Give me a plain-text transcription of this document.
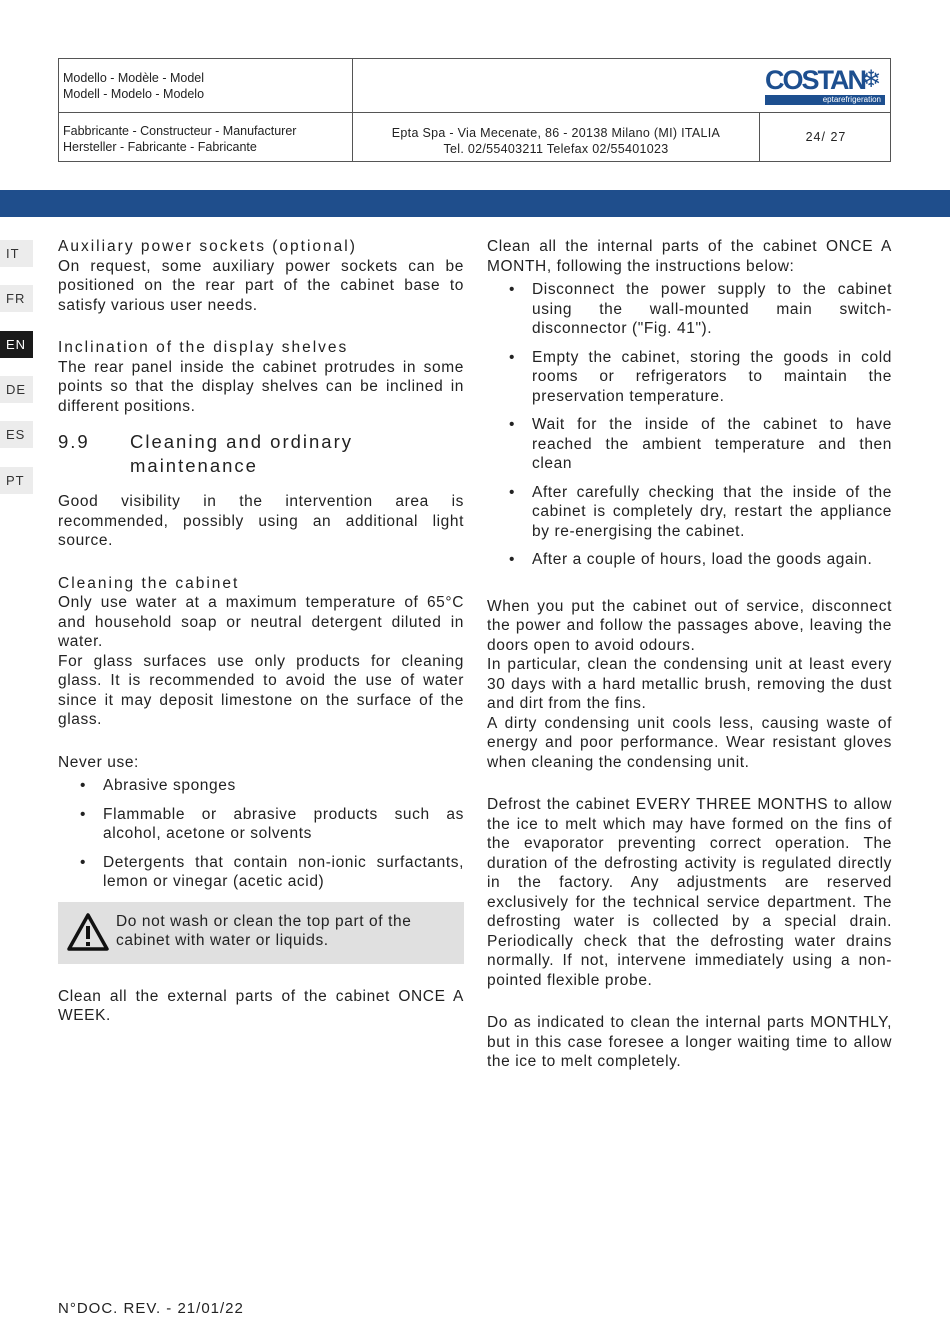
Modello - Modèle - Model
Modell - Modelo - Modelo
Fabbricante - Constructeur - Manufacturer
Hersteller - Fabricante - Fabricante
Epta Spa - Via Mecenate, 86 - 20138 Milano (MI) ITALIA
Tel. 02/55403211 Telefax 02/55401023
24/ 27
COSTAN
❄
eptarefrigeration
IT
FR
EN
DE
ES
PT

Auxiliary power sockets (optional)

On request, some auxiliary power sockets can be positioned on the rear part of the cabinet base to satisfy various user needs.

Inclination of the display shelves

The rear panel inside the cabinet protrudes in some points so that the display shelves can be inclined in different positions.

9.9	Cleaning and ordinary maintenance

Good visibility in the intervention area is recommended, possibly using an additional light source.

Cleaning the cabinet

Only use water at a maximum temperature of 65°C and household soap or neutral detergent diluted in water.

For glass surfaces use only products for cleaning glass. It is recommended to avoid the use of water since it may deposit limestone on the surface of the glass.

Never use:

• Abrasive sponges
• Flammable or abrasive products such as alcohol, acetone or solvents
• Detergents that contain non-ionic surfactants, lemon or vinegar (acetic acid)
Do not wash or clean the top part of the cabinet with water or liquids.

Clean all the external parts of the cabinet ONCE A WEEK.

Clean all the internal parts of the cabinet ONCE A MONTH, following the instructions below:

• Disconnect the power supply to the cabinet using the wall-mounted main switch-disconnector ("Fig. 41").
• Empty the cabinet, storing the goods in cold rooms or refrigerators to maintain the preservation temperature.
• Wait for the inside of the cabinet to have reached the ambient temperature and then clean
• After carefully checking that the inside of the cabinet is completely dry, restart the appliance by re-energising the cabinet.
• After a couple of hours, load the goods again.

When you put the cabinet out of service, disconnect the power and follow the passages above, leaving the doors open to avoid odours.

In particular, clean the condensing unit at least every 30 days with a hard metallic brush, removing the dust and dirt from the fins.

A dirty condensing unit cools less, causing waste of energy and poor performance. Wear resistant gloves when cleaning the condensing unit.

Defrost the cabinet EVERY THREE MONTHS to allow the ice to melt which may have formed on the fins of the evaporator preventing correct operation. The duration of the defrosting activity is regulated directly in the factory. Any adjustments are reserved exclusively for the technical service department. The defrosting water is collected by a special drain. Periodically check that the defrosting water drains normally. If not, intervene immediately using a non-pointed flexible probe.

Do as indicated to clean the internal parts MONTHLY, but in this case foresee a longer waiting time to allow the ice to melt completely.

N°DOC. REV. - 21/01/22
